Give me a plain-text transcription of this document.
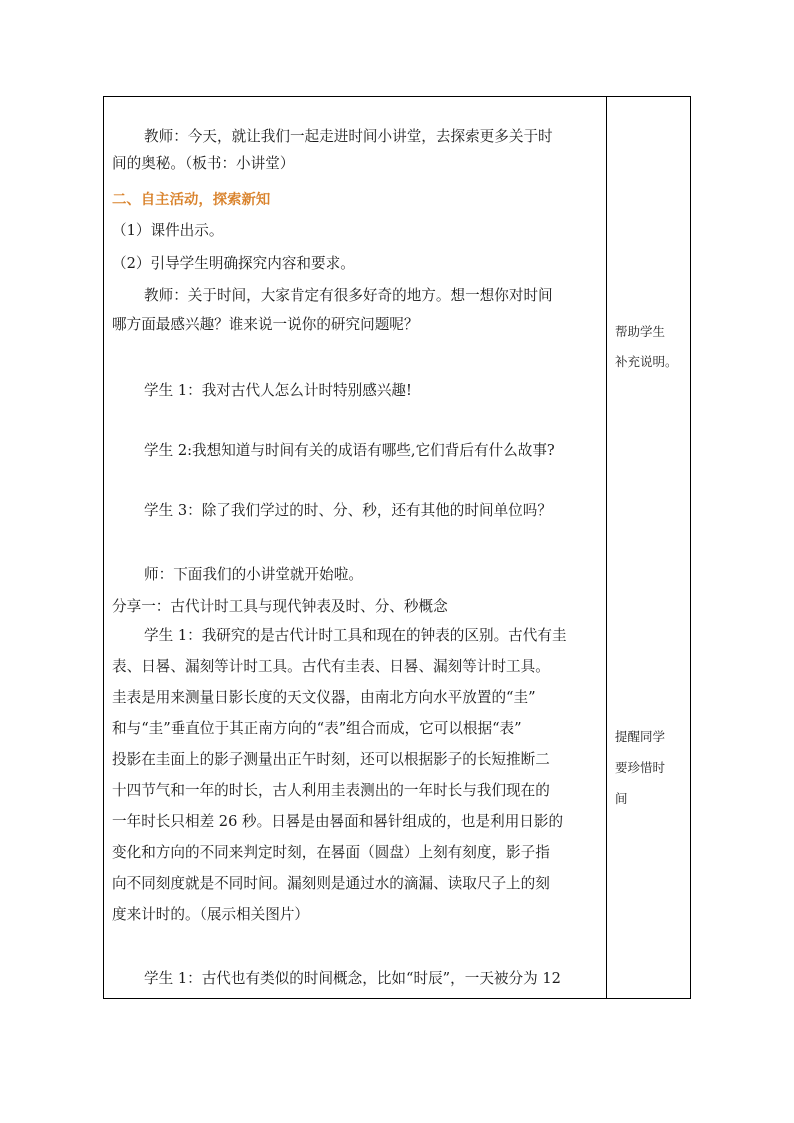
教师：今天，就让我们一起走进时间小讲堂，去探索更多关于时
间的奥秘。（板书：小讲堂）
二、自主活动，探索新知
（1）课件出示。
（2）引导学生明确探究内容和要求。
教师：关于时间，大家肯定有很多好奇的地方。想一想你对时间
哪方面最感兴趣？谁来说一说你的研究问题呢？
学生 1：我对古代人怎么计时特别感兴趣!
学生 2:我想知道与时间有关的成语有哪些,它们背后有什么故事?
学生 3：除了我们学过的时、分、秒，还有其他的时间单位吗？
师：下面我们的小讲堂就开始啦。
分享一：古代计时工具与现代钟表及时、分、秒概念
学生 1：我研究的是古代计时工具和现在的钟表的区别。古代有圭
表、日晷、漏刻等计时工具。古代有圭表、日晷、漏刻等计时工具。
圭表是用来测量日影长度的天文仪器，由南北方向水平放置的“圭”
和与“圭”垂直位于其正南方向的“表”组合而成，它可以根据“表”
投影在圭面上的影子测量出正午时刻，还可以根据影子的长短推断二
十四节气和一年的时长，古人利用圭表测出的一年时长与我们现在的
一年时长只相差 26 秒。日晷是由晷面和晷针组成的，也是利用日影的
变化和方向的不同来判定时刻，在晷面（圆盘）上刻有刻度，影子指
向不同刻度就是不同时间。漏刻则是通过水的滴漏、读取尺子上的刻
度来计时的。（展示相关图片）
学生 1：古代也有类似的时间概念，比如“时辰”，一天被分为 12
帮助学生
补充说明。
提醒同学
要珍惜时
间
